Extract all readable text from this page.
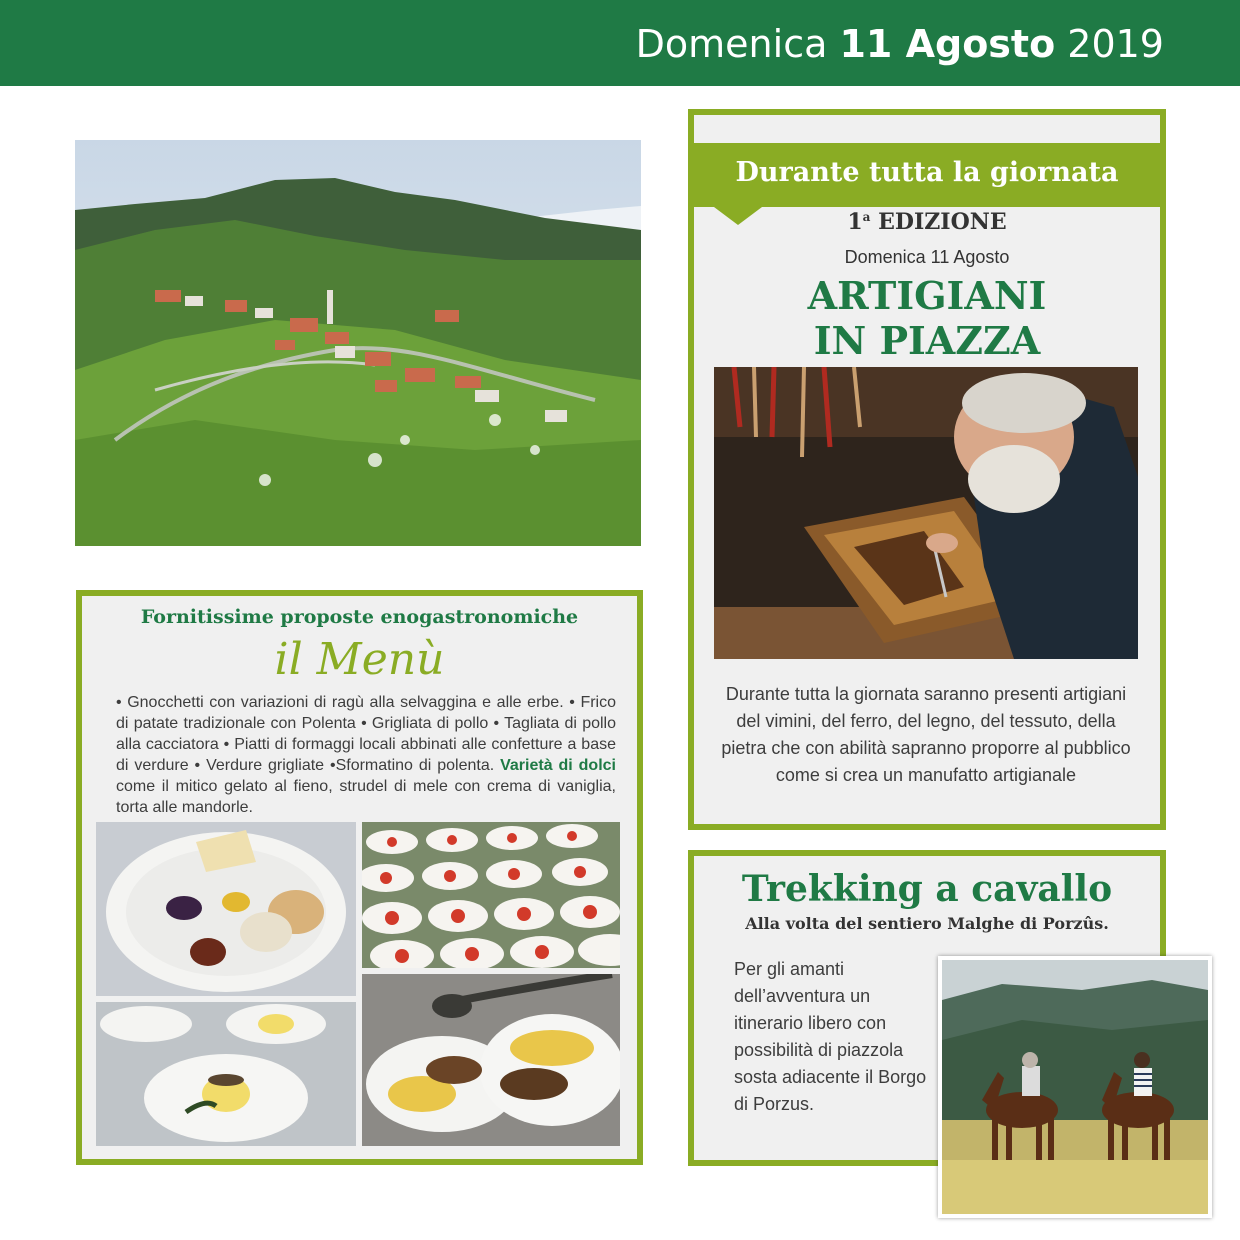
Domenica 11 Agosto 2019
Fornitissime proposte enogastronomiche
il Menù
• Gnocchetti con variazioni di ragù alla selvaggina e alle erbe. • Frico di patate tradizionale con Polenta • Grigliata di pollo • Tagliata di pollo alla cacciatora • Piatti di formaggi locali abbinati alle confetture a base di verdure • Verdure grigliate •Sformatino di polenta. Varietà di dolci come il mitico gelato al fieno, strudel di mele con crema di vaniglia, torta alle mandorle.
Durante tutta la giornata
1$^a$ EDIZIONE
Domenica 11 Agosto
ARTIGIANI
IN PIAZZA
Durante tutta la giornata saranno presenti artigiani del vimini, del ferro, del legno, del tessuto, della pietra che con abilità sapranno proporre al pubblico come si crea un manufatto artigianale
Trekking a cavallo
Alla volta del sentiero Malghe di Porzûs.
Per gli amanti dell’avventura un itinerario libero con possibilità di piazzola sosta adiacente il Borgo di Porzus.
